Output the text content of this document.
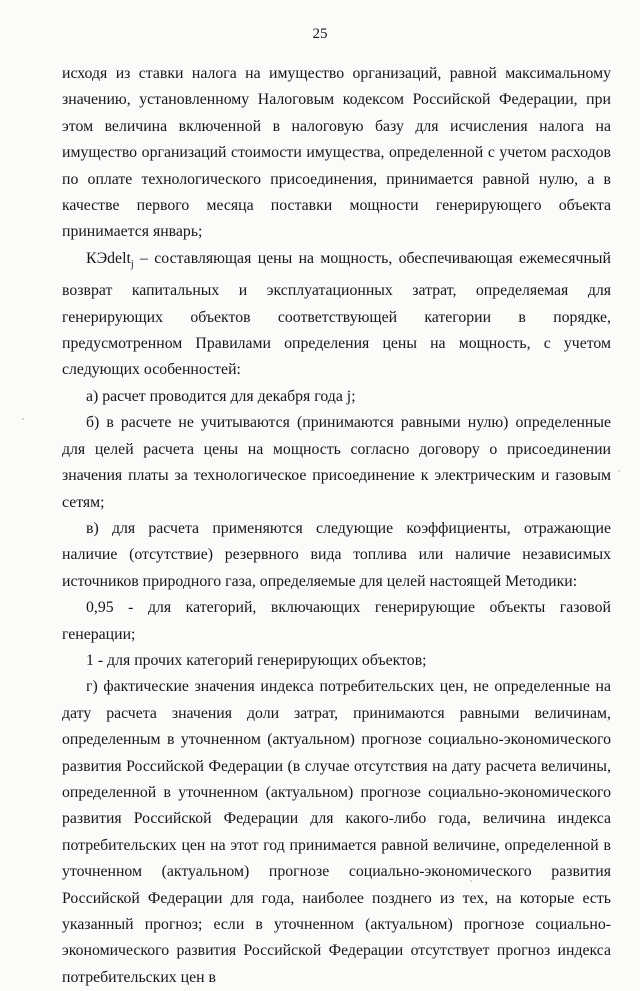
25

исходя из ставки налога на имущество организаций, равной максимальному значению, установленному Налоговым кодексом Российской Федерации, при этом величина включенной в налоговую базу для исчисления налога на имущество организаций стоимости имущества, определенной с учетом расходов по оплате технологического присоединения, принимается равной нулю, а в качестве первого месяца поставки мощности генерирующего объекта принимается январь;

КЭdelt$_j$ – составляющая цены на мощность, обеспечивающая ежемесячный возврат капитальных и эксплуатационных затрат, определяемая для генерирующих объектов соответствующей категории в порядке, предусмотренном Правилами определения цены на мощность, с учетом следующих особенностей:

а) расчет проводится для декабря года j;

б) в расчете не учитываются (принимаются равными нулю) определенные для целей расчета цены на мощность согласно договору о присоединении значения платы за технологическое присоединение к электрическим и газовым сетям;

в) для расчета применяются следующие коэффициенты, отражающие наличие (отсутствие) резервного вида топлива или наличие независимых источников природного газа, определяемые для целей настоящей Методики:

0,95 - для категорий, включающих генерирующие объекты газовой генерации;

1 - для прочих категорий генерирующих объектов;

г) фактические значения индекса потребительских цен, не определенные на дату расчета значения доли затрат, принимаются равными величинам, определенным в уточненном (актуальном) прогнозе социально-экономического развития Российской Федерации (в случае отсутствия на дату расчета величины, определенной в уточненном (актуальном) прогнозе социально-экономического развития Российской Федерации для какого-либо года, величина индекса потребительских цен на этот год принимается равной величине, определенной в уточненном (актуальном) прогнозе социально-экономического развития Российской Федерации для года, наиболее позднего из тех, на которые есть указанный прогноз; если в уточненном (актуальном) прогнозе социально-экономического развития Российской Федерации отсутствует прогноз индекса потребительских цен в
